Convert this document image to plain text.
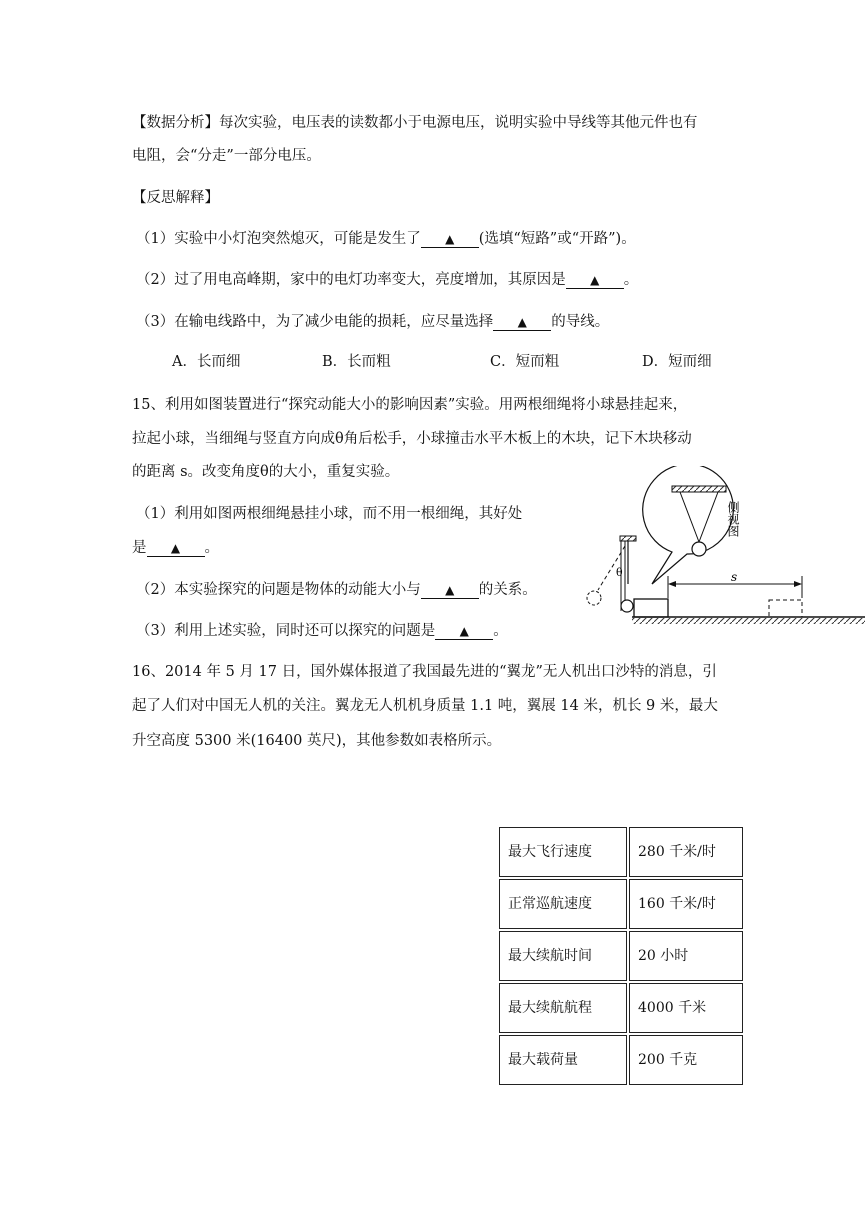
【数据分析】每次实验，电压表的读数都小于电源电压，说明实验中导线等其他元件也有
电阻，会“分走”一部分电压。
【反思解释】
（1）实验中小灯泡突然熄灭，可能是发生了 ▲ (选填“短路”或“开路”)。
（2）过了用电高峰期，家中的电灯功率变大，亮度增加，其原因是 ▲ 。
（3）在输电线路中，为了减少电能的损耗，应尽量选择 ▲ 的导线。
A．长而细	B．长而粗	C．短而粗	D．短而细
15、利用如图装置进行“探究动能大小的影响因素”实验。用两根细绳将小球悬挂起来，
拉起小球，当细绳与竖直方向成θ角后松手，小球撞击水平木板上的木块，记下木块移动
的距离 s。改变角度θ的大小，重复实验。
（1）利用如图两根细绳悬挂小球，而不用一根细绳，其好处
是 ▲ 。
（2）本实验探究的问题是物体的动能大小与 ▲ 的关系。
（3）利用上述实验，同时还可以探究的问题是 ▲ 。
侧视图
θ	s
16、2014 年 5 月 17 日，国外媒体报道了我国最先进的“翼龙”无人机出口沙特的消息，引
起了人们对中国无人机的关注。翼龙无人机机身质量 1.1 吨，翼展 14 米，机长 9 米，最大
升空高度 5300 米(16400 英尺)，其他参数如表格所示。
最大飞行速度	280 千米/时
正常巡航速度	160 千米/时
最大续航时间	20 小时
最大续航航程	4000 千米
最大载荷量	200 千克
